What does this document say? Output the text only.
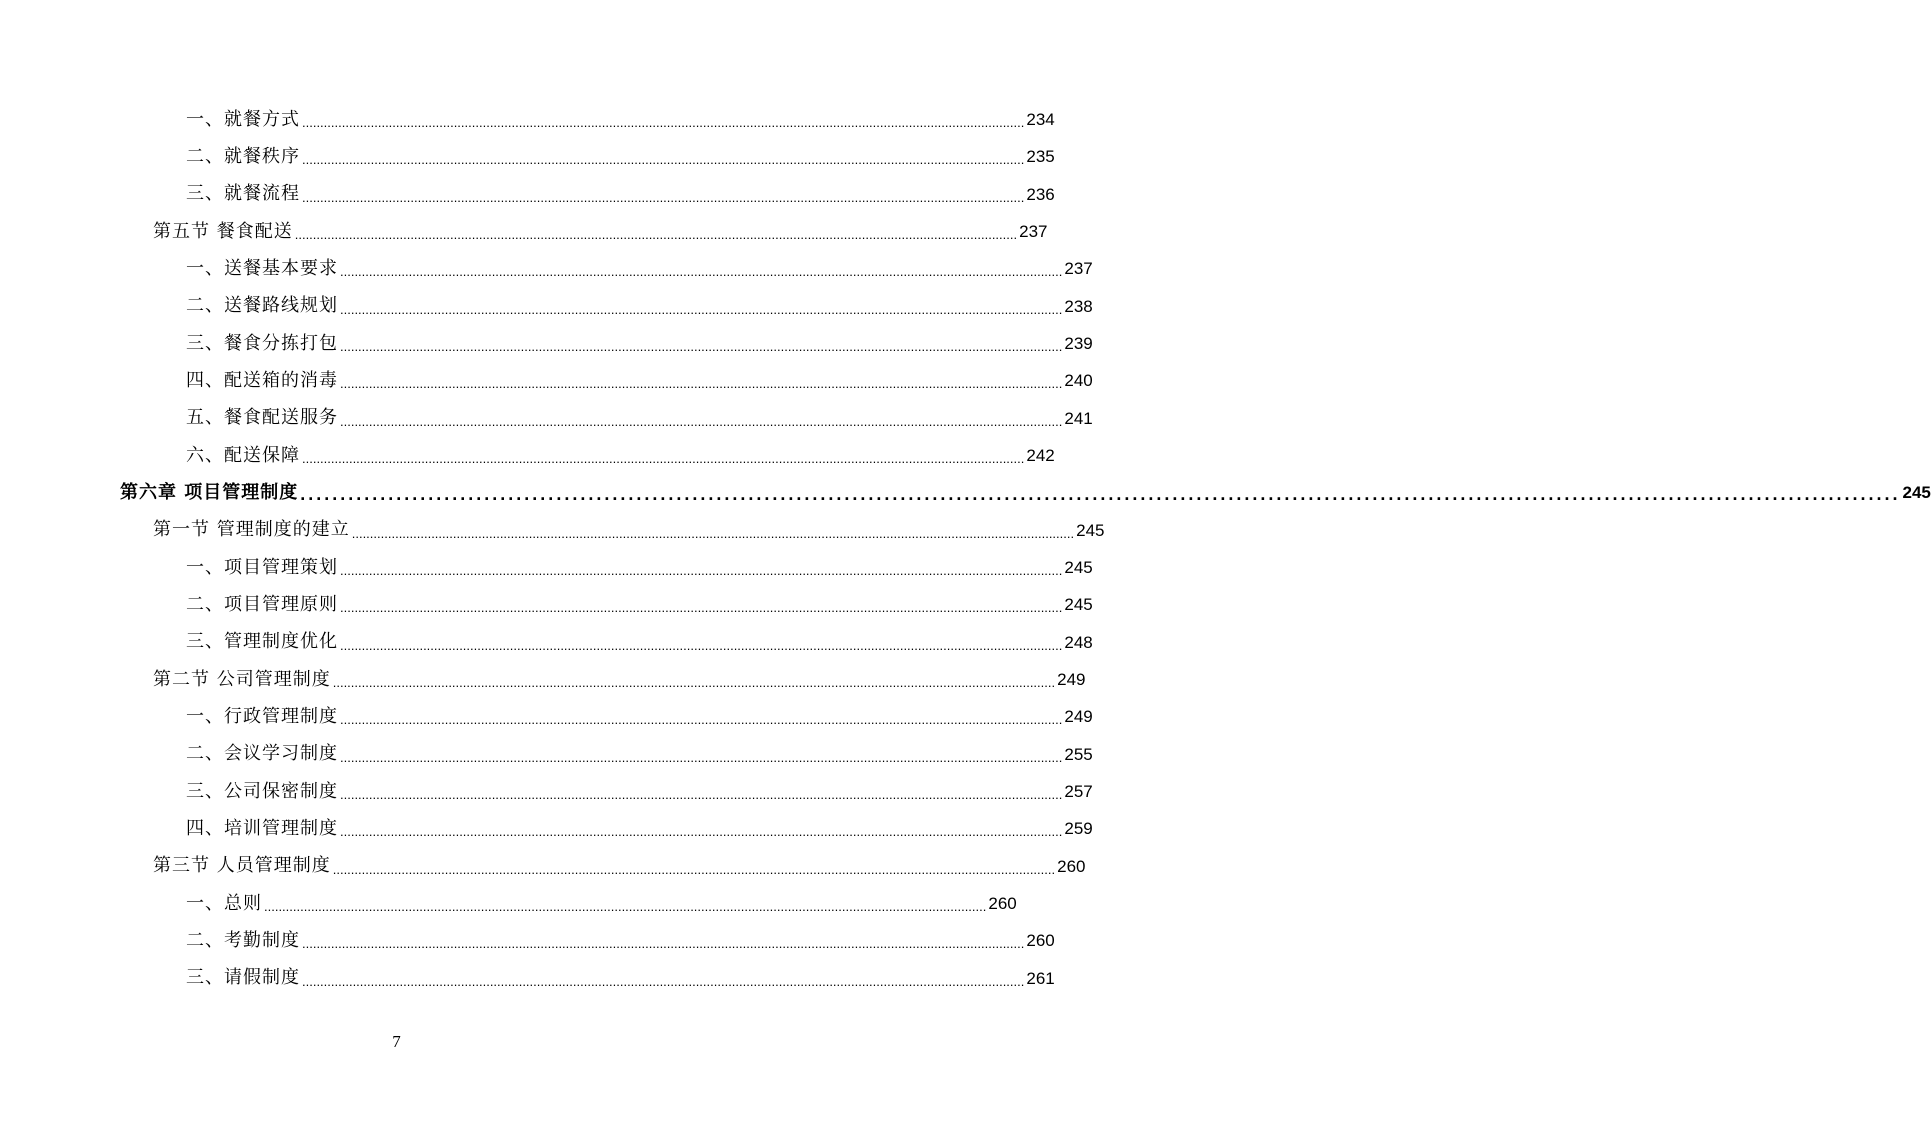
一、就餐方式 ........................................................................................................................................................................................................ 234
二、就餐秩序 ........................................................................................................................................................................................................ 235
三、就餐流程 ........................................................................................................................................................................................................ 236
第五节 餐食配送 ........................................................................................................................................................................................................ 237
一、送餐基本要求 ........................................................................................................................................................................................................ 237
二、送餐路线规划 ........................................................................................................................................................................................................ 238
三、餐食分拣打包 ........................................................................................................................................................................................................ 239
四、配送箱的消毒 ........................................................................................................................................................................................................ 240
五、餐食配送服务 ........................................................................................................................................................................................................ 241
六、配送保障 ........................................................................................................................................................................................................ 242
第六章 项目管理制度 ........................................................................................................................................................................................................ 245
第一节 管理制度的建立 ........................................................................................................................................................................................................ 245
一、项目管理策划 ........................................................................................................................................................................................................ 245
二、项目管理原则 ........................................................................................................................................................................................................ 245
三、管理制度优化 ........................................................................................................................................................................................................ 248
第二节 公司管理制度 ........................................................................................................................................................................................................ 249
一、行政管理制度 ........................................................................................................................................................................................................ 249
二、会议学习制度 ........................................................................................................................................................................................................ 255
三、公司保密制度 ........................................................................................................................................................................................................ 257
四、培训管理制度 ........................................................................................................................................................................................................ 259
第三节 人员管理制度 ........................................................................................................................................................................................................ 260
一、总则 ........................................................................................................................................................................................................ 260
二、考勤制度 ........................................................................................................................................................................................................ 260
三、请假制度 ........................................................................................................................................................................................................ 261
7
